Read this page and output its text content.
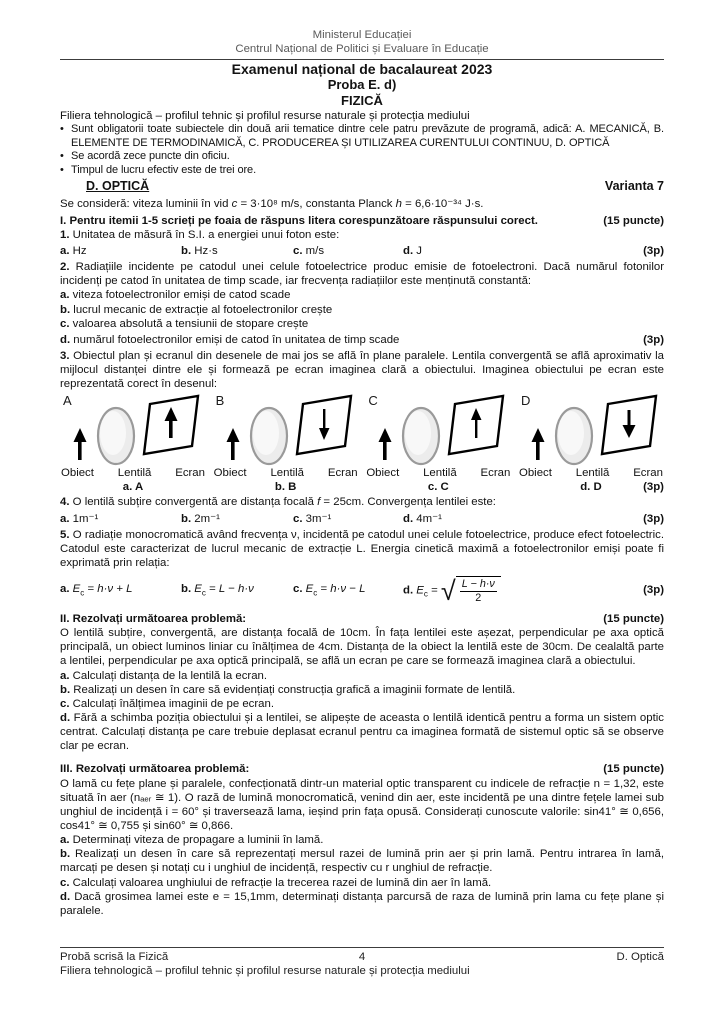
Ministerul Educației
Centrul Național de Politici și Evaluare în Educație
Examenul național de bacalaureat 2023
Proba E. d)
FIZICĂ
Filiera tehnologică – profilul tehnic și profilul resurse naturale și protecția mediului
• Sunt obligatorii toate subiectele din două arii tematice dintre cele patru prevăzute de programă, adică: A. MECANICĂ, B. ELEMENTE DE TERMODINAMICĂ, C. PRODUCEREA ȘI UTILIZAREA CURENTULUI CONTINUU, D. OPTICĂ
• Se acordă zece puncte din oficiu.
• Timpul de lucru efectiv este de trei ore.
D. OPTICĂ	Varianta 7
Se consideră: viteza luminii în vid c = 3·10⁸ m/s, constanta Planck h = 6,6·10⁻³⁴ J·s.
I. Pentru itemii 1-5 scrieți pe foaia de răspuns litera corespunzătoare răspunsului corect.	(15 puncte)

1. Unitatea de măsură în S.I. a energiei unui foton este:

a. Hz	b. Hz·s	c. m/s	d. J	(3p)

2. Radiațiile incidente pe catodul unei celule fotoelectrice produc emisie de fotoelectroni. Dacă numărul fotonilor incidenți pe catod în unitatea de timp scade, iar frecvența radiațiilor este menținută constantă:

a. viteza fotoelectronilor emiși de catod scade

b. lucrul mecanic de extracție al fotoelectronilor crește

c. valoarea absolută a tensiunii de stopare crește

d. numărul fotoelectronilor emiși de catod în unitatea de timp scade	(3p)

3. Obiectul plan și ecranul din desenele de mai jos se află în plane paralele. Lentila convergentă se află aproximativ la mijlocul distanței dintre ele și formează pe ecran imaginea clară a obiectului. Imaginea obiectului pe ecran este reprezentată corect în desenul:

A
Obiect Lentilă Ecran
a. A
B
Obiect Lentilă Ecran
b. B
C
Obiect Lentilă Ecran
c. C
D
Obiect Lentilă Ecran
d. D	(3p)

4. O lentilă subțire convergentă are distanța focală f = 25cm. Convergența lentilei este:

a. 1m⁻¹	b. 2m⁻¹	c. 3m⁻¹	d. 4m⁻¹	(3p)

5. O radiație monocromatică având frecvența ν, incidentă pe catodul unei celule fotoelectrice, produce efect fotoelectric. Catodul este caracterizat de lucrul mecanic de extracție L. Energia cinetică maximă a fotoelectronilor emiși poate fi exprimată prin relația:

a. $E_c = h\cdot\nu + L$	b. $E_c = L - h\cdot\nu$	c. $E_c = h\cdot\nu - L$	d. $E_c$ = √ $\frac{L - h\cdot\nu}{2}$	(3p)
II. Rezolvați următoarea problemă:	(15 puncte)

O lentilă subțire, convergentă, are distanța focală de 10cm. În fața lentilei este așezat, perpendicular pe axa optică principală, un obiect luminos liniar cu înălțimea de 4cm. Distanța de la obiect la lentilă este de 30cm. De cealaltă parte a lentilei, perpendicular pe axa optică principală, se află un ecran pe care se formează imaginea clară a obiectului.

a. Calculați distanța de la lentilă la ecran.

b. Realizați un desen în care să evidențiați construcția grafică a imaginii formate de lentilă.

c. Calculați înălțimea imaginii de pe ecran.

d. Fără a schimba poziția obiectului și a lentilei, se alipește de aceasta o lentilă identică pentru a forma un sistem optic centrat. Calculați distanța pe care trebuie deplasat ecranul pentru ca imaginea formată de sistemul optic să se observe clar pe ecran.

III. Rezolvați următoarea problemă:	(15 puncte)

O lamă cu fețe plane și paralele, confecționată dintr-un material optic transparent cu indicele de refracție n = 1,32, este situată în aer (nₐₑᵣ ≅ 1). O rază de lumină monocromatică, venind din aer, este incidentă pe una dintre fețele lamei sub unghiul de incidență i = 60° și traversează lama, ieșind prin fața opusă. Considerați cunoscute valorile: sin41° ≅ 0,656, cos41° ≅ 0,755 și sin60° ≅ 0,866.

a. Determinați viteza de propagare a luminii în lamă.

b. Realizați un desen în care să reprezentați mersul razei de lumină prin aer și prin lamă. Pentru intrarea în lamă, marcați pe desen și notați cu i unghiul de incidență, respectiv cu r unghiul de refracție.

c. Calculați valoarea unghiului de refracție la trecerea razei de lumină din aer în lamă.

d. Dacă grosimea lamei este e = 15,1mm, determinați distanța parcursă de raza de lumină prin lama cu fețe plane și paralele.

Probă scrisă la Fizică	4	D. Optică
Filiera tehnologică – profilul tehnic și profilul resurse naturale și protecția mediului
